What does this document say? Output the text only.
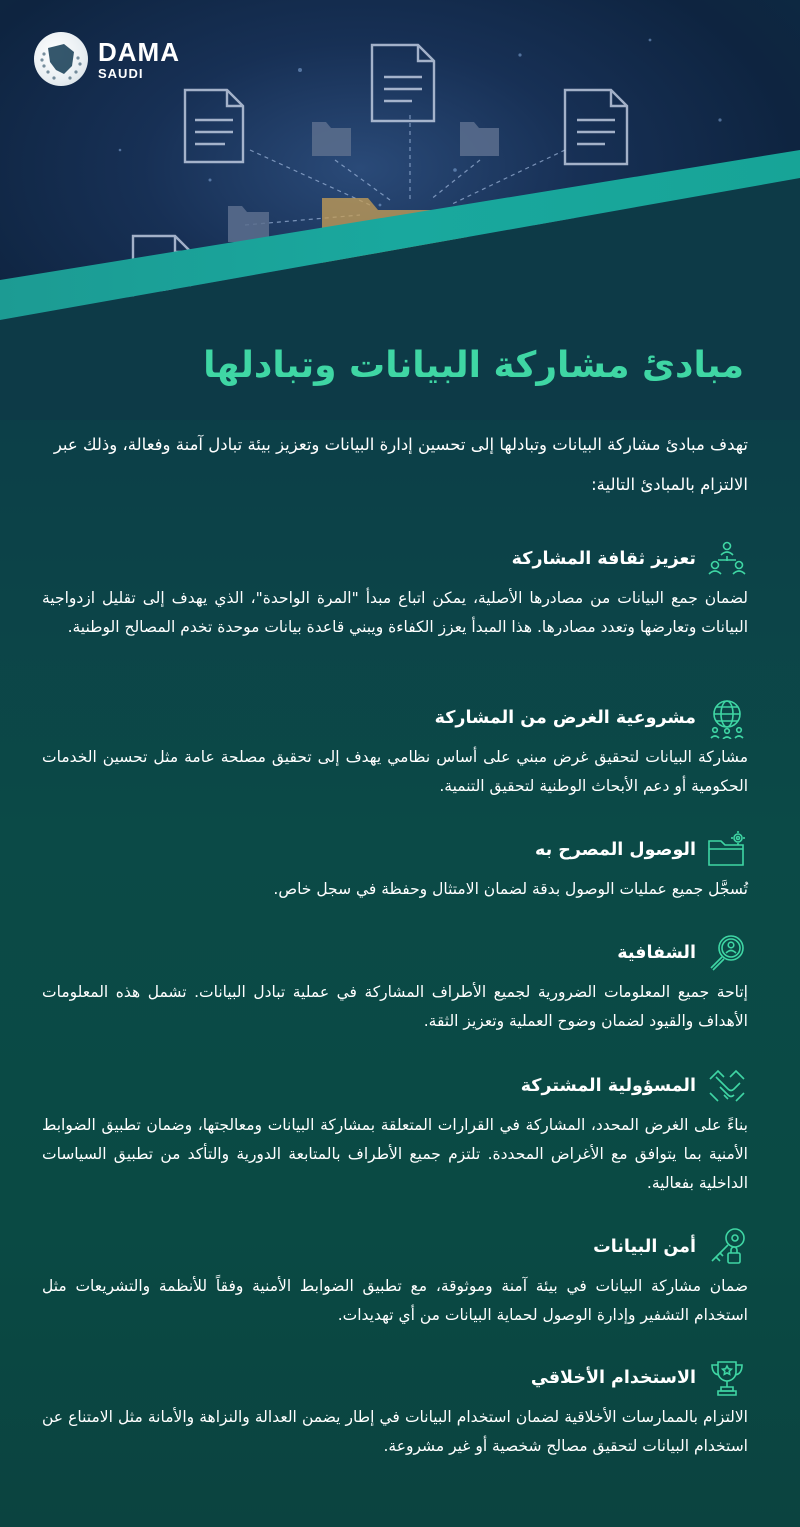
DAMA
SAUDI
مبادئ مشاركة البيانات وتبادلها

تهدف مبادئ مشاركة البيانات وتبادلها إلى تحسين إدارة البيانات وتعزيز بيئة تبادل آمنة وفعالة، وذلك عبر الالتزام بالمبادئ التالية:

تعزيز ثقافة المشاركة

لضمان جمع البيانات من مصادرها الأصلية، يمكن اتباع مبدأ "المرة الواحدة"، الذي يهدف إلى تقليل ازدواجية البيانات وتعارضها وتعدد مصادرها. هذا المبدأ يعزز الكفاءة ويبني قاعدة بيانات موحدة تخدم المصالح الوطنية.

مشروعية الغرض من المشاركة

مشاركة البيانات لتحقيق غرض مبني على أساس نظامي يهدف إلى تحقيق مصلحة عامة مثل تحسين الخدمات الحكومية أو دعم الأبحاث الوطنية لتحقيق التنمية.

الوصول المصرح به

تُسجَّل جميع عمليات الوصول بدقة لضمان الامتثال وحفظة في سجل خاص.

الشفافية

إتاحة جميع المعلومات الضرورية لجميع الأطراف المشاركة في عملية تبادل البيانات. تشمل هذه المعلومات الأهداف والقيود لضمان وضوح العملية وتعزيز الثقة.

المسؤولية المشتركة

بناءً على الغرض المحدد، المشاركة في القرارات المتعلقة بمشاركة البيانات ومعالجتها، وضمان تطبيق الضوابط الأمنية بما يتوافق مع الأغراض المحددة. تلتزم جميع الأطراف بالمتابعة الدورية والتأكد من تطبيق السياسات الداخلية بفعالية.

أمن البيانات

ضمان مشاركة البيانات في بيئة آمنة وموثوقة، مع تطبيق الضوابط الأمنية وفقاً للأنظمة والتشريعات مثل استخدام التشفير وإدارة الوصول لحماية البيانات من أي تهديدات.

الاستخدام الأخلاقي

الالتزام بالممارسات الأخلاقية لضمان استخدام البيانات في إطار يضمن العدالة والنزاهة والأمانة مثل الامتناع عن استخدام البيانات لتحقيق مصالح شخصية أو غير مشروعة.
